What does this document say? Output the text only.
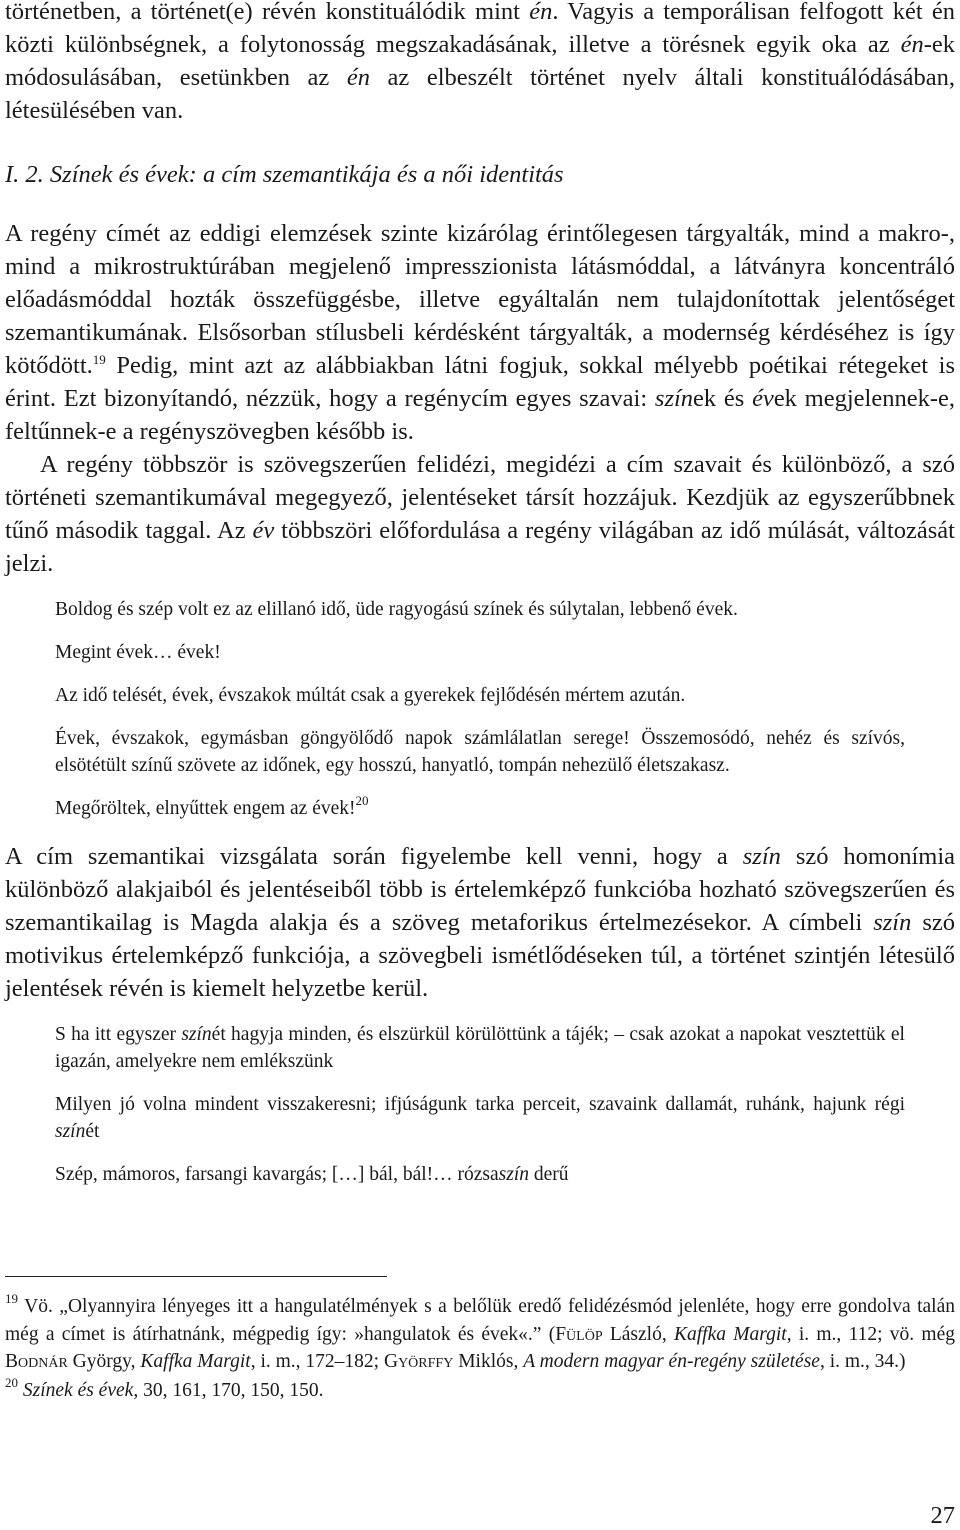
történetben, a történet(e) révén konstituálódik mint én. Vagyis a temporálisan felfogott két én közti különbségnek, a folytonosság megszakadásának, illetve a törésnek egyik oka az én-ek módosulásában, esetünkben az én az elbeszélt történet nyelv általi konstituálódásában, létesülésében van.

I. 2. Színek és évek: a cím szemantikája és a női identitás

A regény címét az eddigi elemzések szinte kizárólag érintőlegesen tárgyalták, mind a makro-, mind a mikrostruktúrában megjelenő impresszionista látásmóddal, a látványra koncentráló előadásmóddal hozták összefüggésbe, illetve egyáltalán nem tulajdonítottak jelentőséget szemantikumának. Elsősorban stílusbeli kérdésként tárgyalták, a modernség kérdéséhez is így kötődött.$^{19}$ Pedig, mint azt az alábbiakban látni fogjuk, sokkal mélyebb poétikai rétegeket is érint. Ezt bizonyítandó, nézzük, hogy a regénycím egyes szavai: színek és évek megjelennek-e, feltűnnek-e a regényszövegben később is.

A regény többször is szövegszerűen felidézi, megidézi a cím szavait és különböző, a szó történeti szemantikumával megegyező, jelentéseket társít hozzájuk. Kezdjük az egyszerűbbnek tűnő második taggal. Az év többszöri előfordulása a regény világában az idő múlását, változását jelzi.

Boldog és szép volt ez az elillanó idő, üde ragyogású színek és súlytalan, lebbenő évek.

Megint évek… évek!

Az idő telését, évek, évszakok múltát csak a gyerekek fejlődésén mértem azután.

Évek, évszakok, egymásban göngyölődő napok számlálatlan serege! Összemosódó, nehéz és szívós, elsötétült színű szövete az időnek, egy hosszú, hanyatló, tompán nehezülő életszakasz.

Megőröltek, elnyűttek engem az évek!$^{20}$

A cím szemantikai vizsgálata során figyelembe kell venni, hogy a szín szó homonímia különböző alakjaiból és jelentéseiből több is értelemképző funkcióba hozható szövegszerűen és szemantikailag is Magda alakja és a szöveg metaforikus értelmezésekor. A címbeli szín szó motivikus értelemképző funkciója, a szövegbeli ismétlődéseken túl, a történet szintjén létesülő jelentések révén is kiemelt helyzetbe kerül.

S ha itt egyszer színét hagyja minden, és elszürkül körülöttünk a tájék; – csak azokat a napokat vesztettük el igazán, amelyekre nem emlékszünk

Milyen jó volna mindent visszakeresni; ifjúságunk tarka perceit, szavaink dallamát, ruhánk, hajunk régi színét

Szép, mámoros, farsangi kavargás; […] bál, bál!… rózsaszín derű

$^{19}$ Vö. „Olyannyira lényeges itt a hangulatélmények s a belőlük eredő felidézésmód jelenléte, hogy erre gondolva talán még a címet is átírhatnánk, mégpedig így: »hangulatok és évek«.” (Fülöp László, Kaffka Margit, i. m., 112; vö. még Bodnár György, Kaffka Margit, i. m., 172–182; Györffy Miklós, A modern magyar én-regény születése, i. m., 34.)

$^{20}$ Színek és évek, 30, 161, 170, 150, 150.

27
